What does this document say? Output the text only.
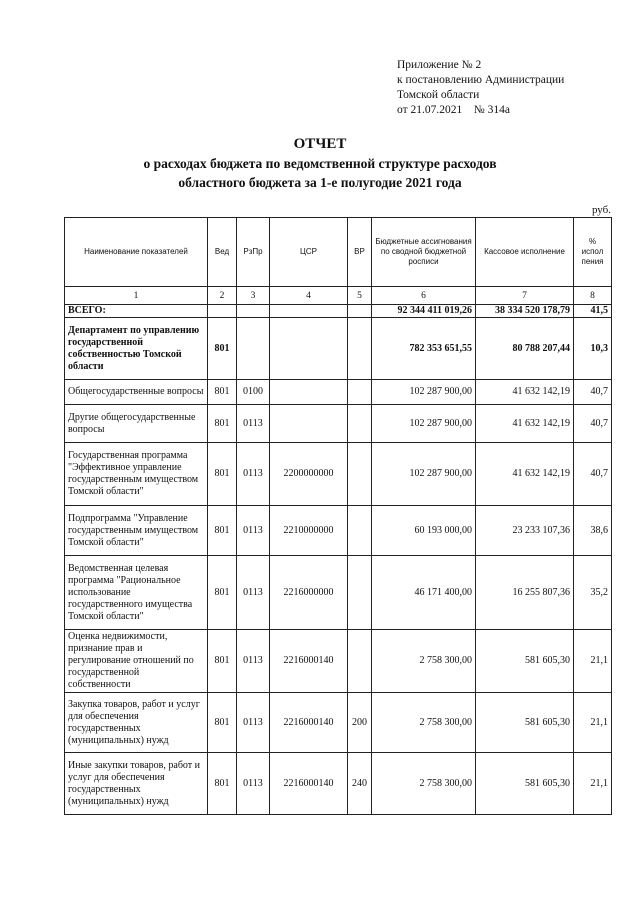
Приложение № 2
к постановлению Администрации
Томской области
от 21.07.2021    № 314а
ОТЧЕТ
о расходах бюджета по ведомственной структуре расходов
областного бюджета за 1-е полугодие 2021 года
руб.
Наименование показателей	Вед	РзПр	ЦСР	ВР	Бюджетные ассигнования по сводной бюджетной росписи	Кассовое исполнение	% испол пения
1	2	3	4	5	6	7	8
ВСЕГО:					92 344 411 019,26	38 334 520 178,79	41,5
Департамент по управлению государственной собственностью Томской области	801				782 353 651,55	80 788 207,44	10,3
Общегосударственные вопросы	801	0100			102 287 900,00	41 632 142,19	40,7
Другие общегосударственные вопросы	801	0113			102 287 900,00	41 632 142,19	40,7
Государственная программа "Эффективное управление государственным имуществом Томской области"	801	0113	2200000000		102 287 900,00	41 632 142,19	40,7
Подпрограмма "Управление государственным имуществом Томской области"	801	0113	2210000000		60 193 000,00	23 233 107,36	38,6
Ведомственная целевая программа "Рациональное использование государственного имущества Томской области"	801	0113	2216000000		46 171 400,00	16 255 807,36	35,2
Оценка недвижимости, признание прав и регулирование отношений по государственной собственности	801	0113	2216000140		2 758 300,00	581 605,30	21,1
Закупка товаров, работ и услуг для обеспечения государственных (муниципальных) нужд	801	0113	2216000140	200	2 758 300,00	581 605,30	21,1
Иные закупки товаров, работ и услуг для обеспечения государственных (муниципальных) нужд	801	0113	2216000140	240	2 758 300,00	581 605,30	21,1
